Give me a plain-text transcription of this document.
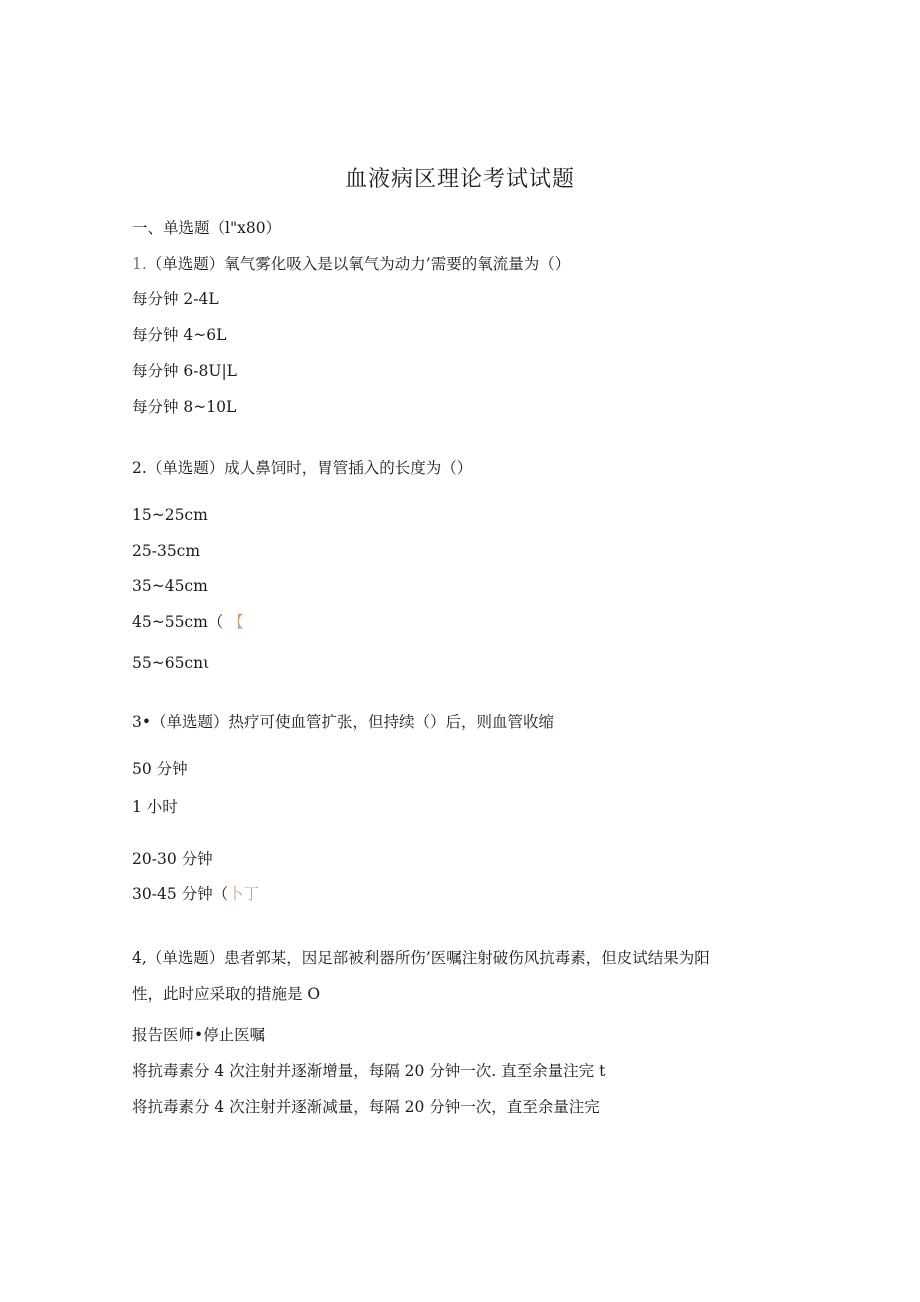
血液病区理论考试试题
一、单选题（l"x80）
1.（单选题）氧气雾化吸入是以氧气为动力’需要的氧流量为（）
每分钟 2-4L
每分钟 4~6L
每分钟 6-8U|L
每分钟 8~10L
2.（单选题）成人鼻饲时，胃管插入的长度为（）
15~25cm
25-35cm
35~45cm
45~55cm（ 【
55~65cnι
3•（单选题）热疗可使血管扩张，但持续（）后，则血管收缩
50 分钟
1 小时
20-30 分钟
30-45 分钟（卜丁
4,（单选题）患者郭某，因足部被利器所伤’医嘱注射破伤风抗毒素，但皮试结果为阳
性，此时应采取的措施是 O
报告医师•停止医嘱
将抗毒素分 4 次注射并逐渐增量，每隔 20 分钟一次. 直至余量注完 t
将抗毒素分 4 次注射并逐渐减量，每隔 20 分钟一次，直至余量注完
